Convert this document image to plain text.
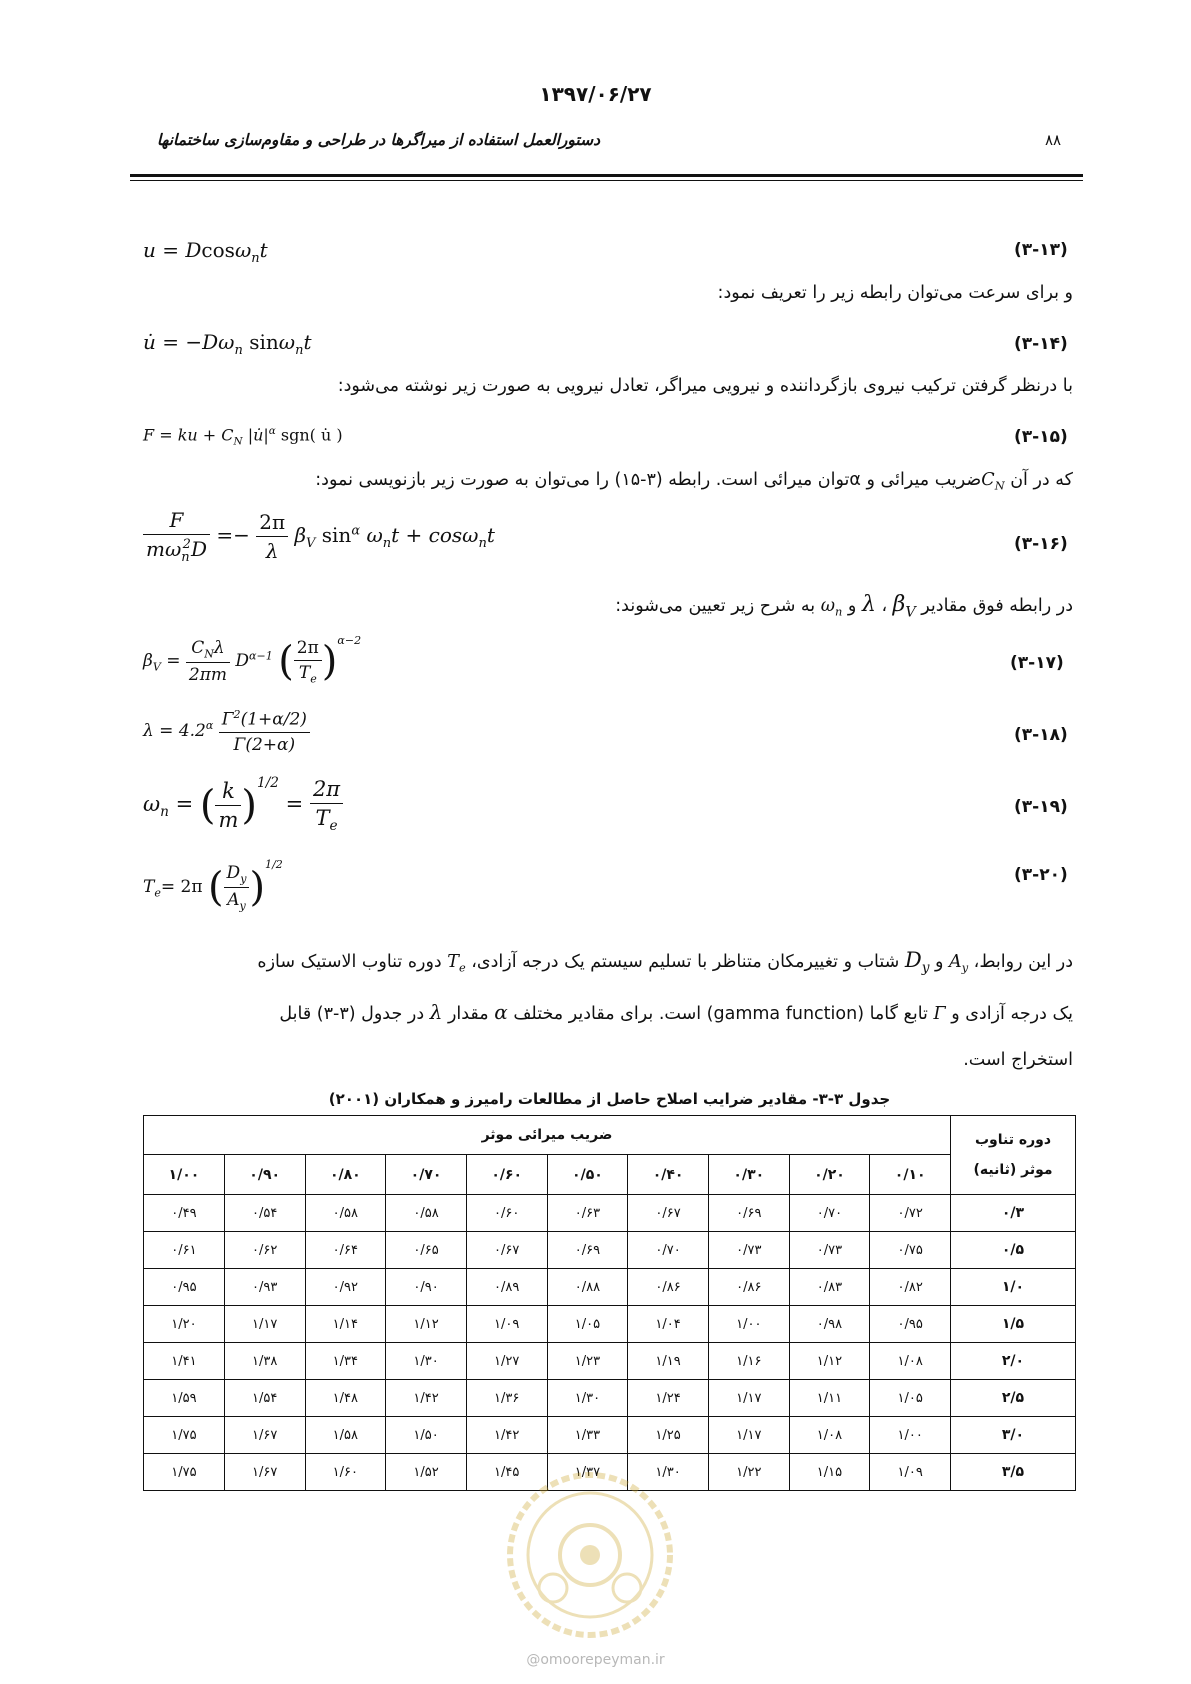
۱۳۹۷/۰۶/۲۷
دستورالعمل استفاده از میراگرها در طراحی و مقاوم‌سازی ساختمانها	۸۸
u = Dcosω$_n$t	(۳-۱۳)
و برای سرعت می‌توان رابطه زیر را تعریف نمود:
u̇ = $-D\omega_n$ sinω$_n$t	(۳-۱۴)
با درنظر گرفتن ترکیب نیروی بازگرداننده و نیرویی میراگر، تعادل نیرویی به صورت زیر نوشته می‌شود:
F = ku + $C_N$ $|u̇|^\alpha$ sgn( u̇ )	(۳-۱۵)
که در آن $C_Nضریب$ میرائی و αتوان میرائی است. رابطه (۳-۱۵) را می‌توان به صورت زیر بازنویسی نمود:
$\frac{F}{m\omega_n^2D} =- \frac{2\pi}{\lambda} \beta_V$ $\sin^\alpha \omega_nt + \cos\omega_nt$	(۳-۱۶)
در رابطه فوق مقادیر λ ، $\beta_V$ و $\omega_n$ به شرح زیر تعیین می‌شوند:
$\beta_V = \frac{C_N\lambda}{2\pi m} D^{\alpha-1}$ ( $\frac{2\pi}{T_e} )^{\alpha-2}$
(۳-۱۷)
$\lambda = 4.2^\alpha \frac{\Gamma^2(1+\alpha/2)}{\Gamma(2+\alpha)}$	(۳-۱۸)
$\omega_n$ = ( $\frac{k}{m} )^{1/2} = \frac{2\pi}{T_e}$	(۳-۱۹)
$T_e= 2\pi$ ( $\frac{D_y}{A_y} )^{1/2}$
(۳-۲۰)
در این روابط، $A_y$ و $D_y$ شتاب و تغییرمکان متناظر با تسلیم سیستم یک درجه آزادی، $T_e$ دوره تناوب الاستیک سازه
یک درجه آزادی و Γ تابع گاما (gamma function) است. برای مقادیر مختلف α مقدار λ در جدول (۳-۳) قابل
استخراج است.
جدول ۳-۳- مقادیر ضرایب اصلاح حاصل از مطالعات رامیرز و همکاران (۲۰۰۱)
دوره تناوب
موثر (ثانیه)	ضریب میرائی موثر									
	۰/۱۰	۰/۲۰	۰/۳۰	۰/۴۰	۰/۵۰	۰/۶۰	۰/۷۰	۰/۸۰	۰/۹۰	۱/۰۰
۰/۳	۰/۷۲	۰/۷۰	۰/۶۹	۰/۶۷	۰/۶۳	۰/۶۰	۰/۵۸	۰/۵۸	۰/۵۴	۰/۴۹
۰/۵	۰/۷۵	۰/۷۳	۰/۷۳	۰/۷۰	۰/۶۹	۰/۶۷	۰/۶۵	۰/۶۴	۰/۶۲	۰/۶۱
۱/۰	۰/۸۲	۰/۸۳	۰/۸۶	۰/۸۶	۰/۸۸	۰/۸۹	۰/۹۰	۰/۹۲	۰/۹۳	۰/۹۵
۱/۵	۰/۹۵	۰/۹۸	۱/۰۰	۱/۰۴	۱/۰۵	۱/۰۹	۱/۱۲	۱/۱۴	۱/۱۷	۱/۲۰
۲/۰	۱/۰۸	۱/۱۲	۱/۱۶	۱/۱۹	۱/۲۳	۱/۲۷	۱/۳۰	۱/۳۴	۱/۳۸	۱/۴۱
۲/۵	۱/۰۵	۱/۱۱	۱/۱۷	۱/۲۴	۱/۳۰	۱/۳۶	۱/۴۲	۱/۴۸	۱/۵۴	۱/۵۹
۳/۰	۱/۰۰	۱/۰۸	۱/۱۷	۱/۲۵	۱/۳۳	۱/۴۲	۱/۵۰	۱/۵۸	۱/۶۷	۱/۷۵
۳/۵	۱/۰۹	۱/۱۵	۱/۲۲	۱/۳۰	۱/۳۷	۱/۴۵	۱/۵۲	۱/۶۰	۱/۶۷	۱/۷۵
@omoorepeyman.ir
